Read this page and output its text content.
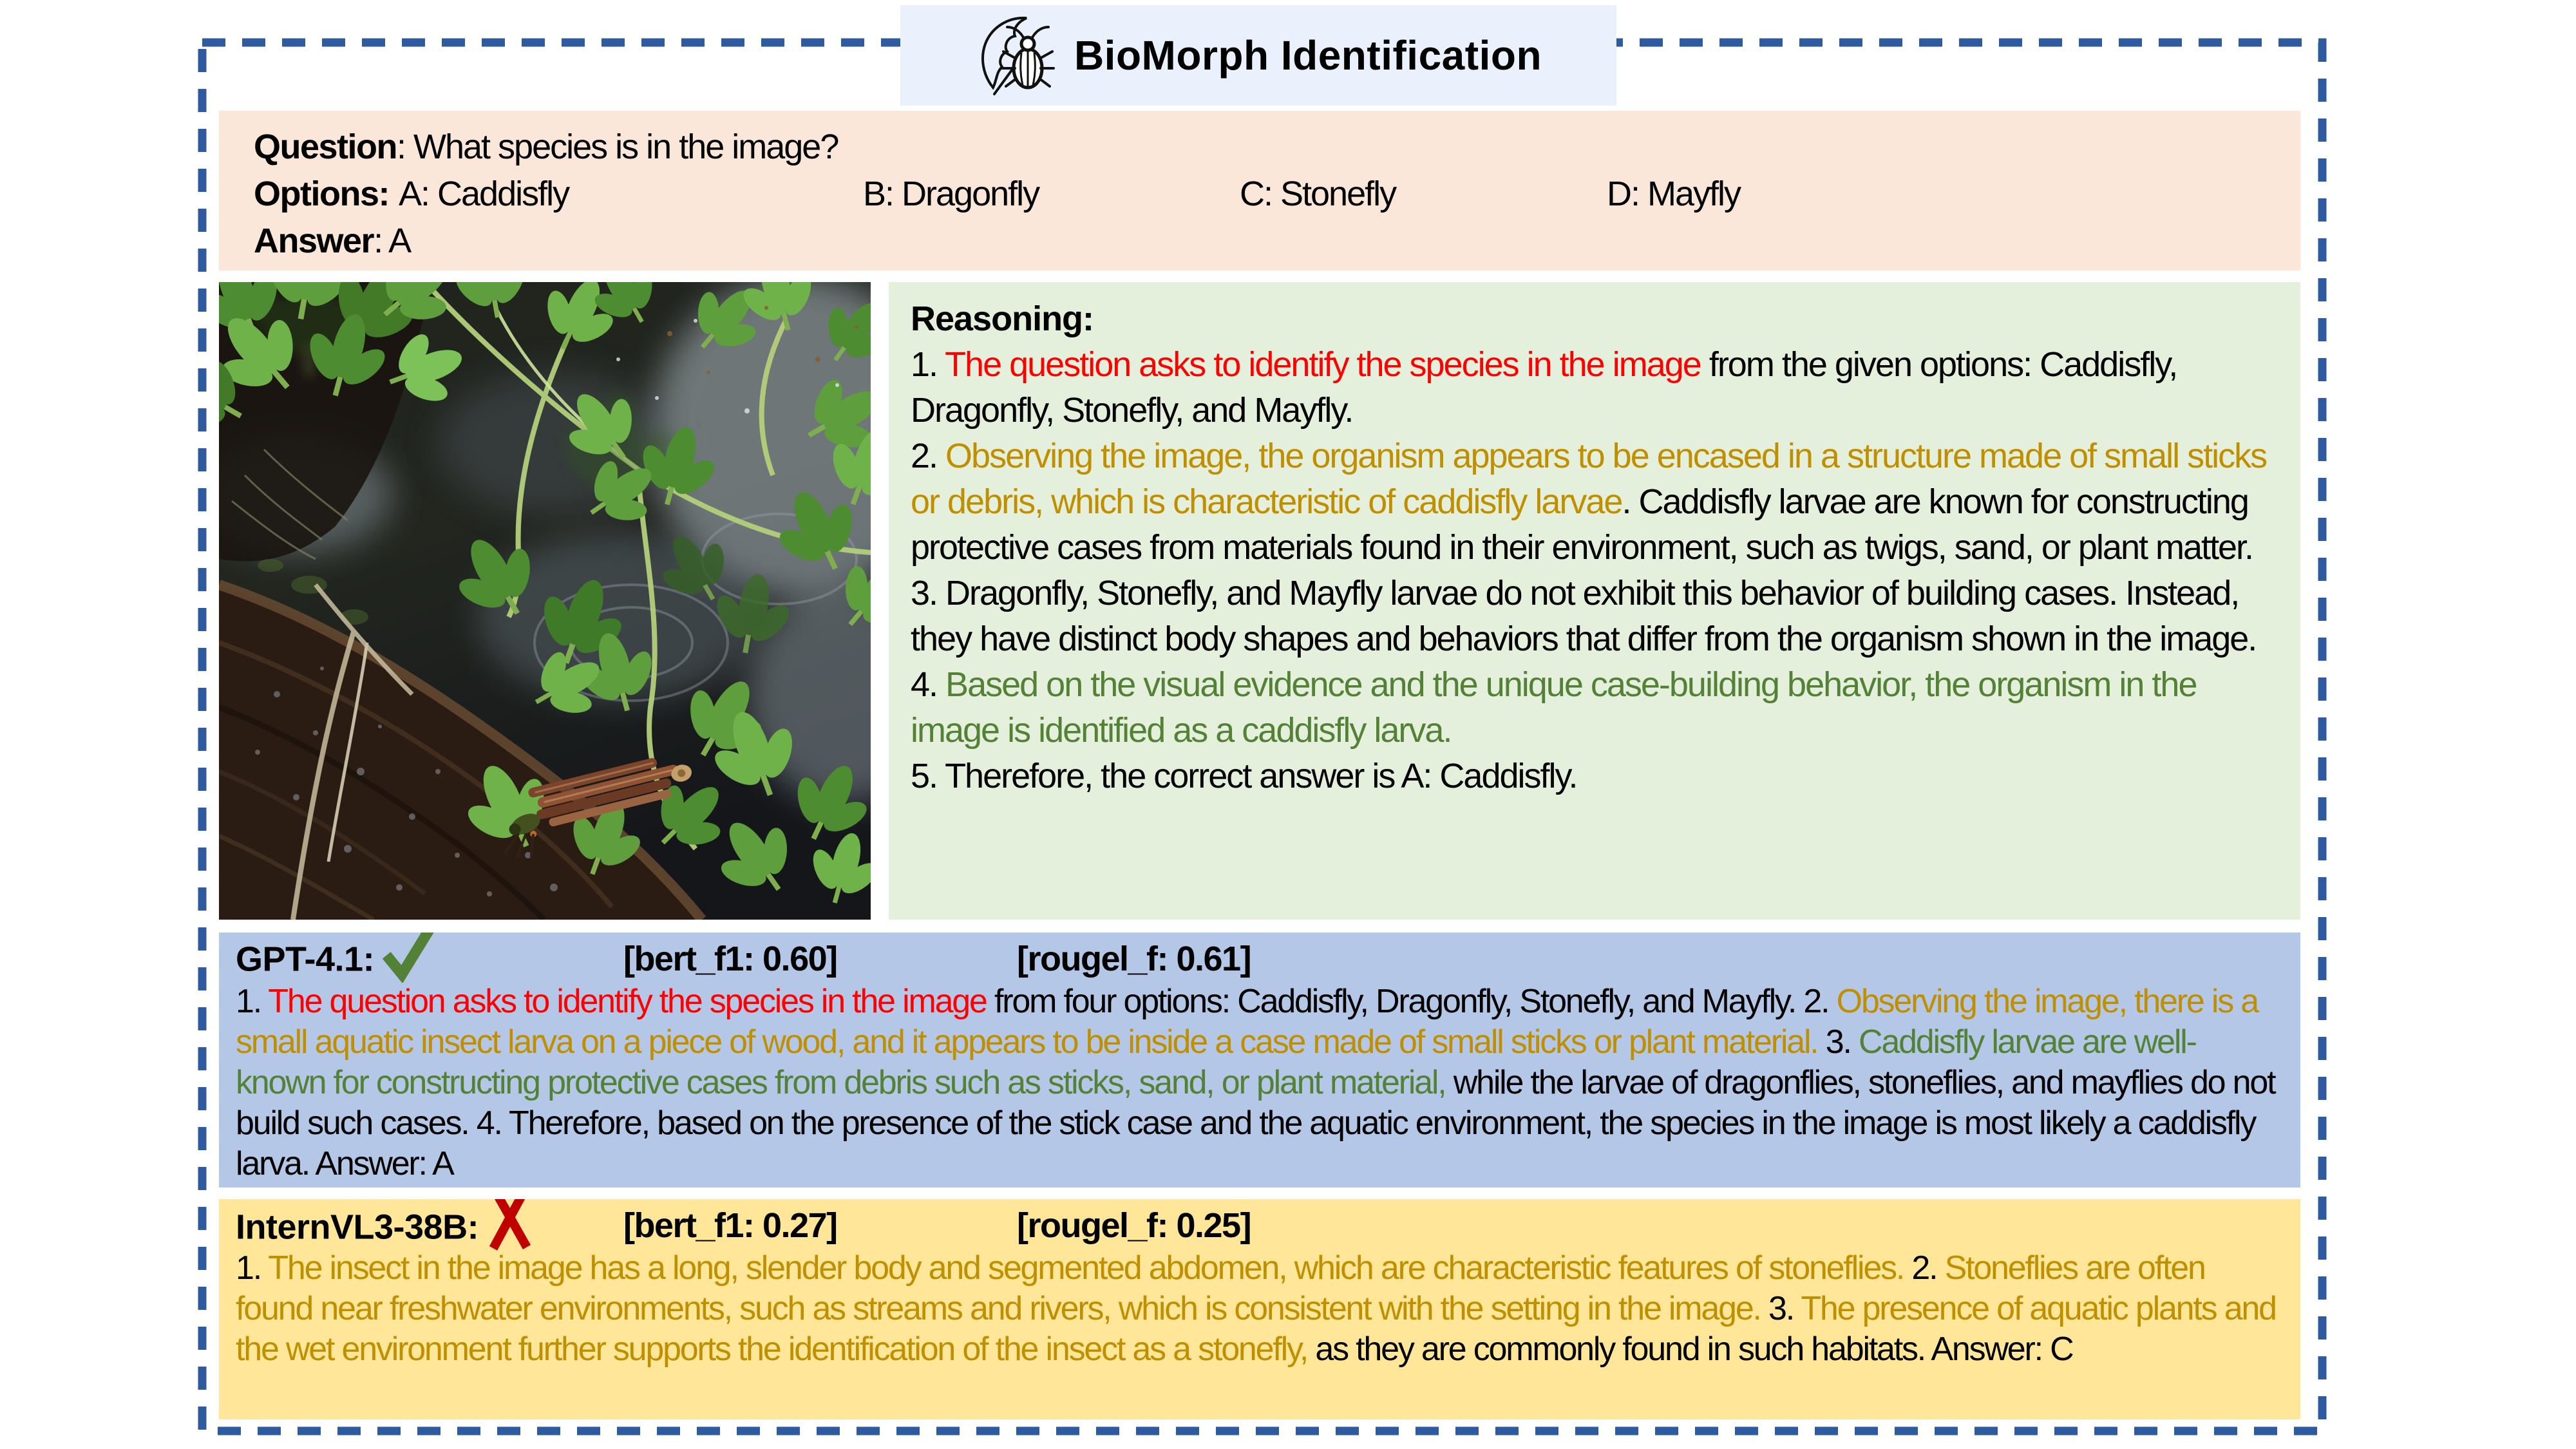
Question: What species is in the image?
Options: A: Caddisfly	B: Dragonfly	C: Stonefly	D: Mayfly
Answer: A
Reasoning:

1. The question asks to identify the species in the image from the given options: Caddisfly, Dragonfly, Stonefly, and Mayfly.

2. Observing the image, the organism appears to be encased in a structure made of small sticks or debris, which is characteristic of caddisfly larvae. Caddisfly larvae are known for constructing protective cases from materials found in their environment, such as twigs, sand, or plant matter.

3. Dragonfly, Stonefly, and Mayfly larvae do not exhibit this behavior of building cases. Instead, they have distinct body shapes and behaviors that differ from the organism shown in the image.

4. Based on the visual evidence and the unique case-building behavior, the organism in the image is identified as a caddisfly larva.

5. Therefore, the correct answer is A: Caddisfly.

GPT-4.1:	[bert_f1: 0.60]	[rougel_f: 0.61]

1. The question asks to identify the species in the image from four options: Caddisfly, Dragonfly, Stonefly, and Mayfly. 2. Observing the image, there is a small aquatic insect larva on a piece of wood, and it appears to be inside a case made of small sticks or plant material. 3. Caddisfly larvae are well-known for constructing protective cases from debris such as sticks, sand, or plant material, while the larvae of dragonflies, stoneflies, and mayflies do not build such cases. 4. Therefore, based on the presence of the stick case and the aquatic environment, the species in the image is most likely a caddisfly larva. Answer: A

InternVL3-38B:	[bert_f1: 0.27]	[rougel_f: 0.25]

1. The insect in the image has a long, slender body and segmented abdomen, which are characteristic features of stoneflies. 2. Stoneflies are often found near freshwater environments, such as streams and rivers, which is consistent with the setting in the image. 3. The presence of aquatic plants and the wet environment further supports the identification of the insect as a stonefly, as they are commonly found in such habitats. Answer: C

BioMorph Identification
